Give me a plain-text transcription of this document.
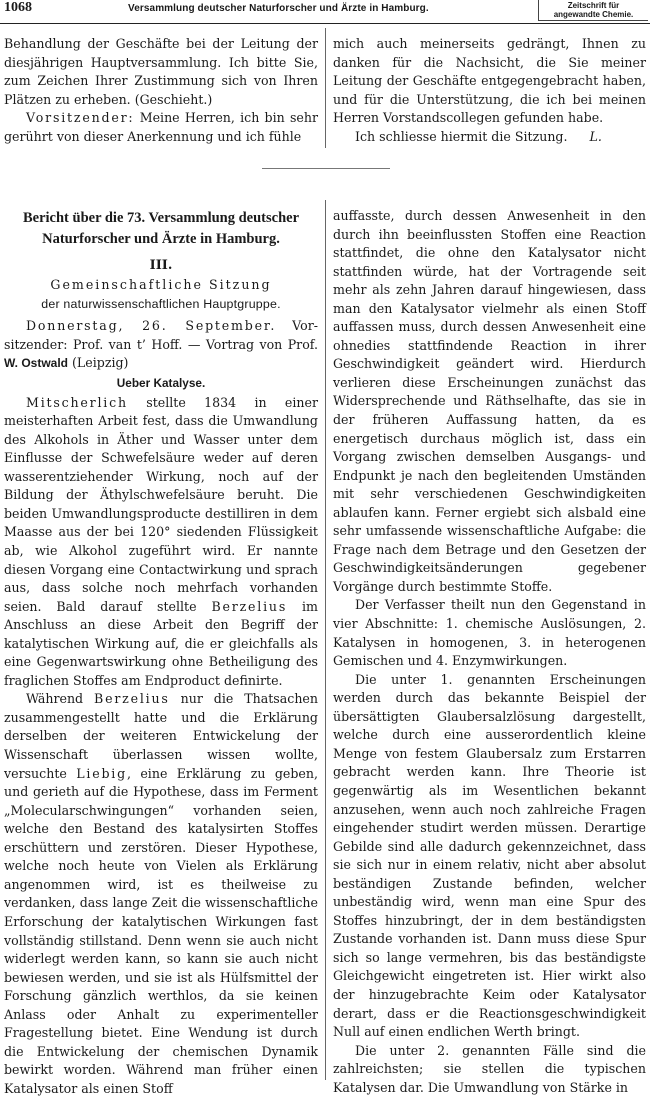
1068	Versammlung deutscher Naturforscher und Ärzte in Hamburg.	Zeitschrift für
angewandte Chemie.

Behandlung der Geschäfte bei der Leitung der diesjährigen Hauptversammlung. Ich bitte Sie, zum Zeichen Ihrer Zustimmung sich von Ihren Plätzen zu erheben. (Geschieht.)

Vorsitzender: Meine Herren, ich bin sehr gerührt von dieser Anerkennung und ich fühle

mich auch meinerseits gedrängt, Ihnen zu danken für die Nachsicht, die Sie meiner Leitung der Geschäfte entgegengebracht haben, und für die Unterstützung, die ich bei meinen Herren Vorstandscollegen gefunden habe.

Ich schliesse hiermit die Sitzung. L.

Bericht über die 73. Versammlung deutscher
Naturforscher und Ärzte in Hamburg.
III.
Gemeinschaftliche Sitzung
der naturwissenschaftlichen Hauptgruppe.

Donnerstag, 26. September. Vor- sitzender: Prof. van t’ Hoff. — Vortrag von Prof. W. Ostwald (Leipzig)

Ueber Katalyse.

Mitscherlich stellte 1834 in einer meisterhaften Arbeit fest, dass die Umwandlung des Alkohols in Äther und Wasser unter dem Einflusse der Schwefelsäure weder auf deren wasserentziehender Wirkung, noch auf der Bildung der Äthylschwefelsäure beruht. Die beiden Umwandlungsproducte destilliren in dem Maasse aus der bei 120° siedenden Flüssigkeit ab, wie Alkohol zugeführt wird. Er nannte diesen Vorgang eine Contactwirkung und sprach aus, dass solche noch mehrfach vorhanden seien. Bald darauf stellte Berzelius im Anschluss an diese Arbeit den Begriff der katalytischen Wirkung auf, die er gleichfalls als eine Gegenwartswirkung ohne Betheiligung des fraglichen Stoffes am Endproduct definirte.

Während Berzelius nur die Thatsachen zusammengestellt hatte und die Erklärung derselben der weiteren Entwickelung der Wissenschaft überlassen wissen wollte, versuchte Liebig, eine Erklärung zu geben, und gerieth auf die Hypothese, dass im Ferment „Molecularschwingungen“ vorhanden seien, welche den Bestand des katalysirten Stoffes erschüttern und zerstören. Dieser Hypothese, welche noch heute von Vielen als Erklärung angenommen wird, ist es theilweise zu verdanken, dass lange Zeit die wissenschaftliche Erforschung der katalytischen Wirkungen fast vollständig stillstand. Denn wenn sie auch nicht widerlegt werden kann, so kann sie auch nicht bewiesen werden, und sie ist als Hülfsmittel der Forschung gänzlich werthlos, da sie keinen Anlass oder Anhalt zu experimenteller Fragestellung bietet. Eine Wendung ist durch die Entwickelung der chemischen Dynamik bewirkt worden. Während man früher einen Katalysator als einen Stoff

auffasste, durch dessen Anwesenheit in den durch ihn beeinflussten Stoffen eine Reaction stattfindet, die ohne den Katalysator nicht stattfinden würde, hat der Vortragende seit mehr als zehn Jahren darauf hingewiesen, dass man den Katalysator vielmehr als einen Stoff auffassen muss, durch dessen Anwesenheit eine ohnedies stattfindende Reaction in ihrer Geschwindigkeit geändert wird. Hierdurch verlieren diese Erscheinungen zunächst das Widersprechende und Räthselhafte, das sie in der früheren Auffassung hatten, da es energetisch durchaus möglich ist, dass ein Vorgang zwischen demselben Ausgangs- und Endpunkt je nach den begleitenden Umständen mit sehr verschiedenen Geschwindigkeiten ablaufen kann. Ferner ergiebt sich alsbald eine sehr umfassende wissenschaftliche Aufgabe: die Frage nach dem Betrage und den Gesetzen der Geschwindigkeitsänderungen gegebener Vorgänge durch bestimmte Stoffe.

Der Verfasser theilt nun den Gegenstand in vier Abschnitte: 1. chemische Auslösungen, 2. Katalysen in homogenen, 3. in heterogenen Gemischen und 4. Enzymwirkungen.

Die unter 1. genannten Erscheinungen werden durch das bekannte Beispiel der übersättigten Glaubersalzlösung dargestellt, welche durch eine ausserordentlich kleine Menge von festem Glaubersalz zum Erstarren gebracht werden kann. Ihre Theorie ist gegenwärtig als im Wesentlichen bekannt anzusehen, wenn auch noch zahlreiche Fragen eingehender studirt werden müssen. Derartige Gebilde sind alle dadurch gekennzeichnet, dass sie sich nur in einem relativ, nicht aber absolut beständigen Zustande befinden, welcher unbeständig wird, wenn man eine Spur des Stoffes hinzubringt, der in dem beständigsten Zustande vorhanden ist. Dann muss diese Spur sich so lange vermehren, bis das beständigste Gleichgewicht eingetreten ist. Hier wirkt also der hinzugebrachte Keim oder Katalysator derart, dass er die Reactionsgeschwindigkeit Null auf einen endlichen Werth bringt.

Die unter 2. genannten Fälle sind die zahlreichsten; sie stellen die typischen Katalysen dar. Die Umwandlung von Stärke in
